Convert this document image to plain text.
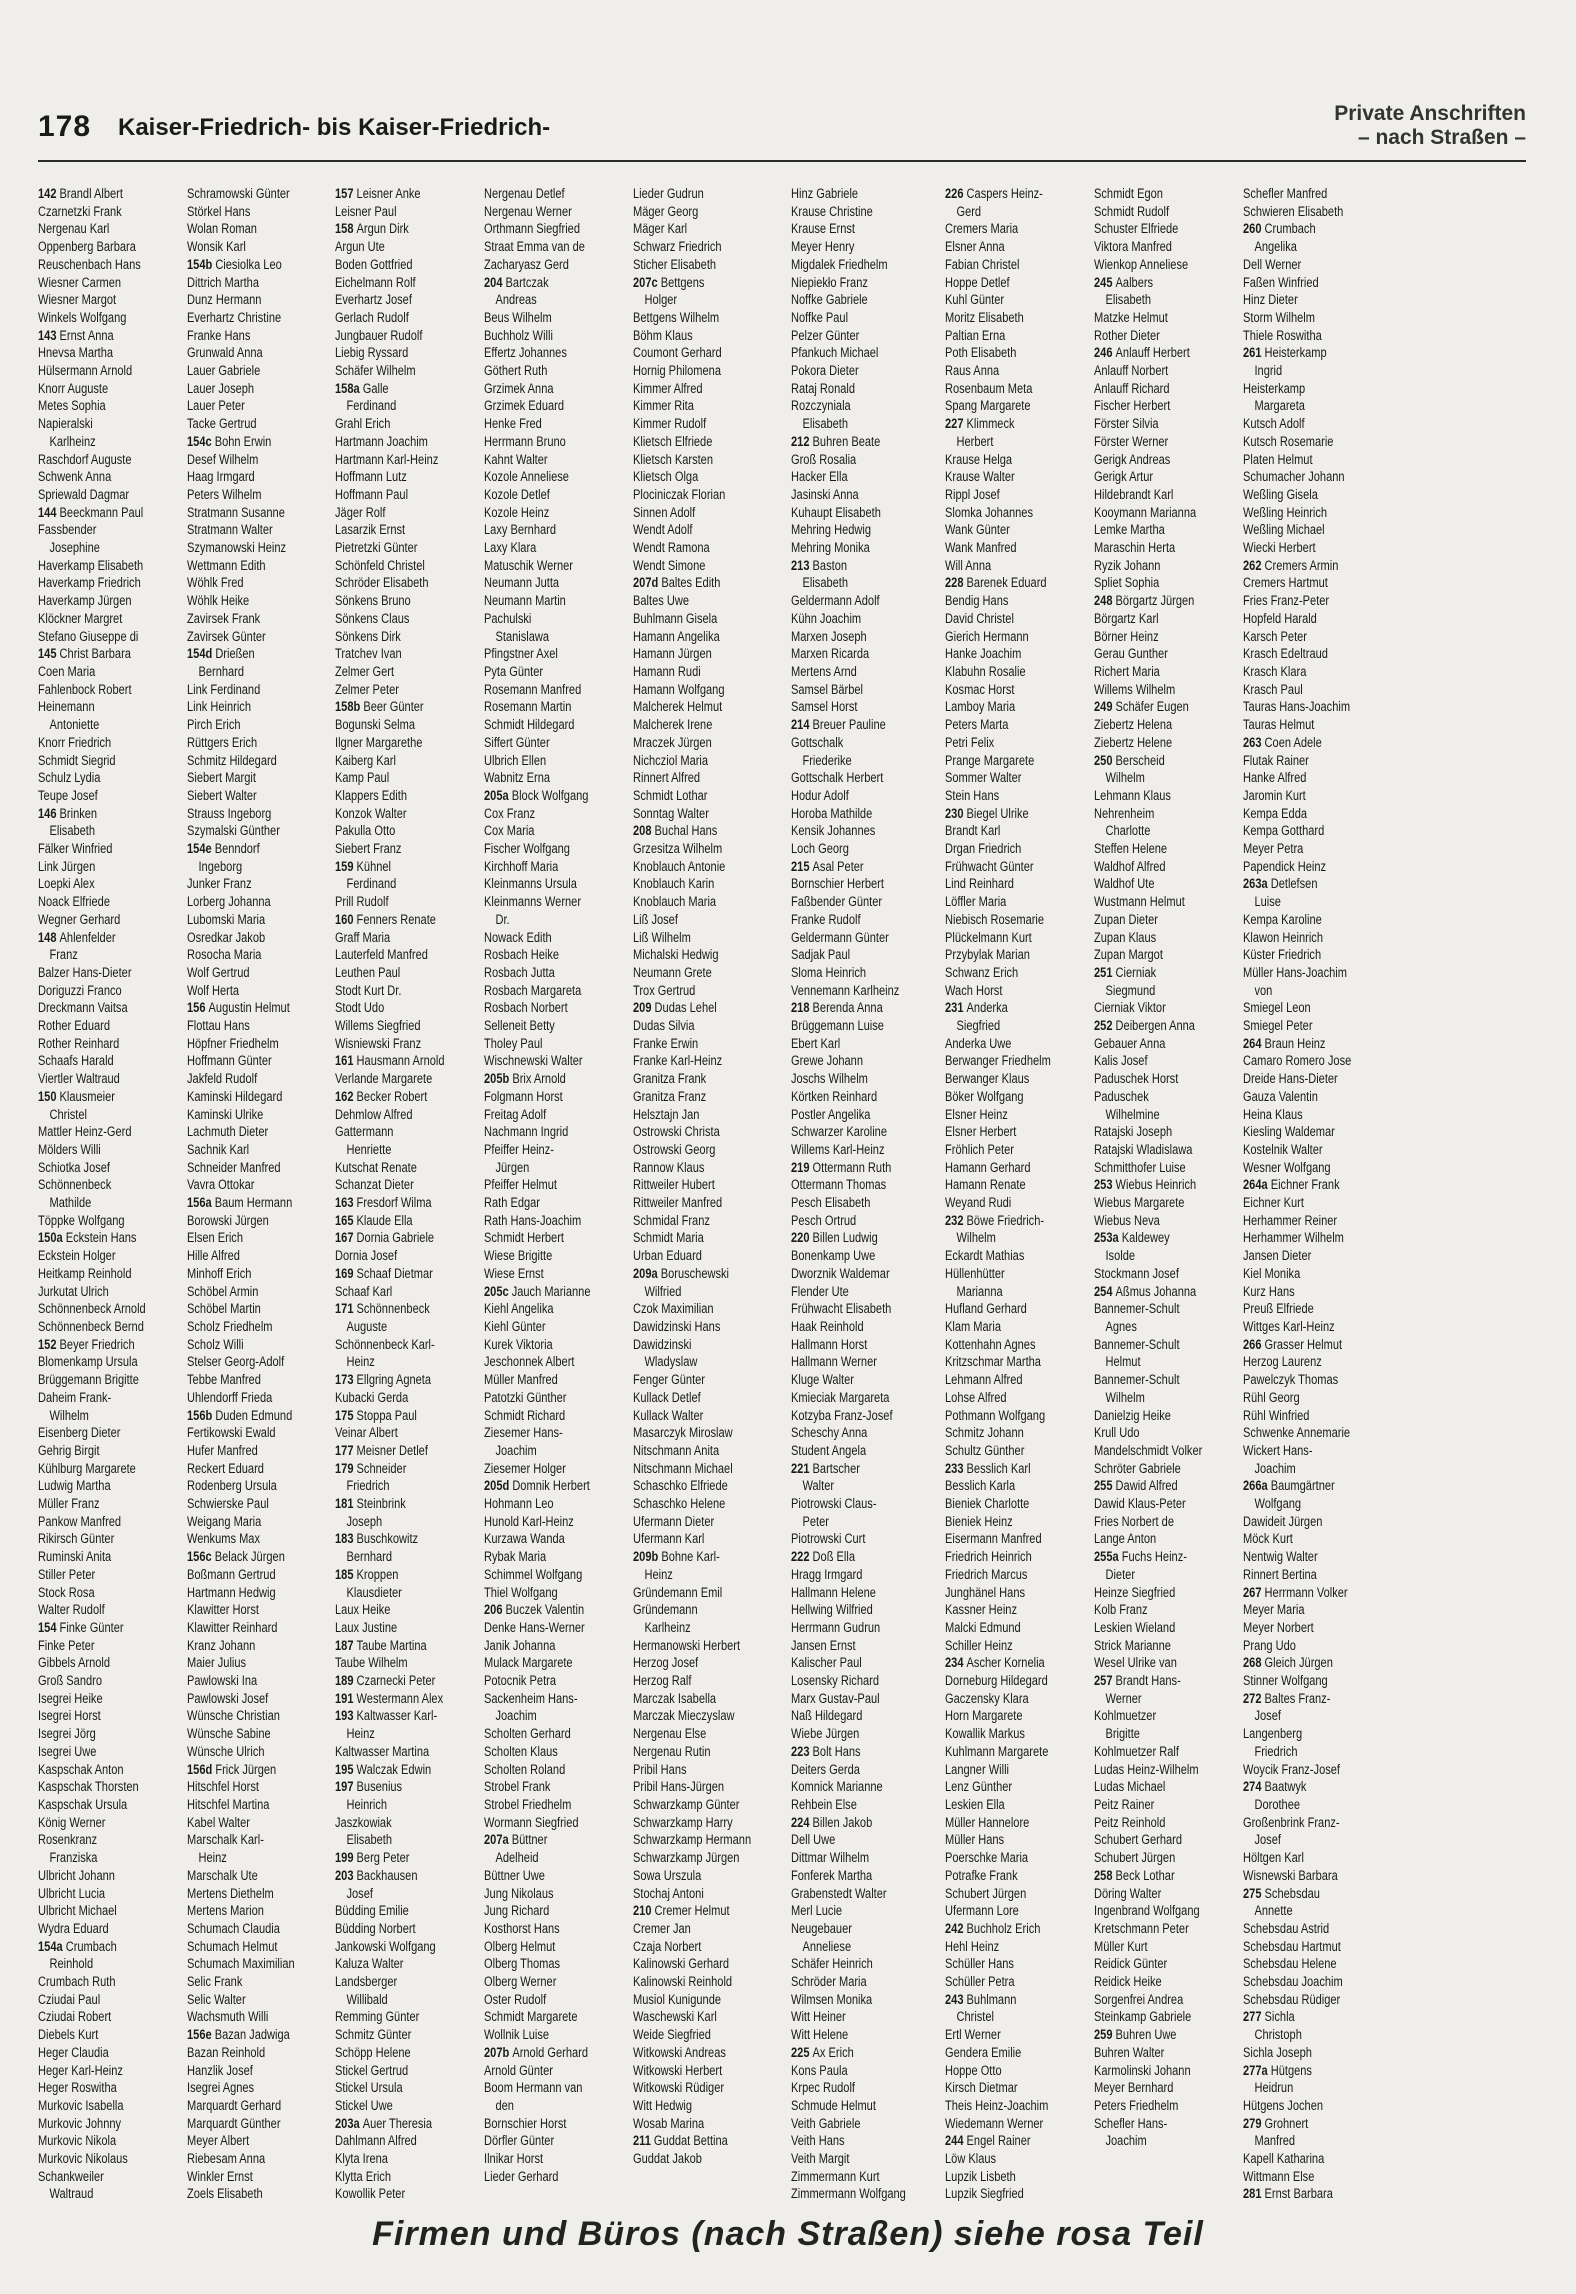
178 Kaiser-Friedrich- bis Kaiser-Friedrich-
Private Anschriften
– nach Straßen –
142 Brandl Albert
Czarnetzki Frank
Nergenau Karl
Oppenberg Barbara
Reuschenbach Hans
Wiesner Carmen
Wiesner Margot
Winkels Wolfgang
143 Ernst Anna
Hnevsa Martha
Hülsermann Arnold
Knorr Auguste
Metes Sophia
Napieralski
Karlheinz
Raschdorf Auguste
Schwenk Anna
Spriewald Dagmar
144 Beeckmann Paul
Fassbender
Josephine
Haverkamp Elisabeth
Haverkamp Friedrich
Haverkamp Jürgen
Klöckner Margret
Stefano Giuseppe di
145 Christ Barbara
Coen Maria
Fahlenbock Robert
Heinemann
Antoniette
Knorr Friedrich
Schmidt Siegrid
Schulz Lydia
Teupe Josef
146 Brinken
Elisabeth
Fälker Winfried
Link Jürgen
Loepki Alex
Noack Elfriede
Wegner Gerhard
148 Ahlenfelder
Franz
Balzer Hans-Dieter
Doriguzzi Franco
Dreckmann Vaitsa
Rother Eduard
Rother Reinhard
Schaafs Harald
Viertler Waltraud
150 Klausmeier
Christel
Mattler Heinz-Gerd
Mölders Willi
Schiotka Josef
Schönnenbeck
Mathilde
Töppke Wolfgang
150a Eckstein Hans
Eckstein Holger
Heitkamp Reinhold
Jurkutat Ulrich
Schönnenbeck Arnold
Schönnenbeck Bernd
152 Beyer Friedrich
Blomenkamp Ursula
Brüggemann Brigitte
Daheim Frank-
Wilhelm
Eisenberg Dieter
Gehrig Birgit
Kühlburg Margarete
Ludwig Martha
Müller Franz
Pankow Manfred
Rikirsch Günter
Ruminski Anita
Stiller Peter
Stock Rosa
Walter Rudolf
154 Finke Günter
Finke Peter
Gibbels Arnold
Groß Sandro
Isegrei Heike
Isegrei Horst
Isegrei Jörg
Isegrei Uwe
Kaspschak Anton
Kaspschak Thorsten
Kaspschak Ursula
König Werner
Rosenkranz
Franziska
Ulbricht Johann
Ulbricht Lucia
Ulbricht Michael
Wydra Eduard
154a Crumbach
Reinhold
Crumbach Ruth
Cziudai Paul
Cziudai Robert
Diebels Kurt
Heger Claudia
Heger Karl-Heinz
Heger Roswitha
Murkovic Isabella
Murkovic Johnny
Murkovic Nikola
Murkovic Nikolaus
Schankweiler
Waltraud
Schramowski Günter
Störkel Hans
Wolan Roman
Wonsik Karl
154b Ciesiolka Leo
Dittrich Martha
Dunz Hermann
Everhartz Christine
Franke Hans
Grunwald Anna
Lauer Gabriele
Lauer Joseph
Lauer Peter
Tacke Gertrud
154c Bohn Erwin
Desef Wilhelm
Haag Irmgard
Peters Wilhelm
Stratmann Susanne
Stratmann Walter
Szymanowski Heinz
Wettmann Edith
Wöhlk Fred
Wöhlk Heike
Zavirsek Frank
Zavirsek Günter
154d Drießen
Bernhard
Link Ferdinand
Link Heinrich
Pirch Erich
Rüttgers Erich
Schmitz Hildegard
Siebert Margit
Siebert Walter
Strauss Ingeborg
Szymalski Günther
154e Benndorf
Ingeborg
Junker Franz
Lorberg Johanna
Lubomski Maria
Osredkar Jakob
Rosocha Maria
Wolf Gertrud
Wolf Herta
156 Augustin Helmut
Flottau Hans
Höpfner Friedhelm
Hoffmann Günter
Jakfeld Rudolf
Kaminski Hildegard
Kaminski Ulrike
Lachmuth Dieter
Sachnik Karl
Schneider Manfred
Vavra Ottokar
156a Baum Hermann
Borowski Jürgen
Elsen Erich
Hille Alfred
Minhoff Erich
Schöbel Armin
Schöbel Martin
Scholz Friedhelm
Scholz Willi
Stelser Georg-Adolf
Tebbe Manfred
Uhlendorff Frieda
156b Duden Edmund
Fertikowski Ewald
Hufer Manfred
Reckert Eduard
Rodenberg Ursula
Schwierske Paul
Weigang Maria
Wenkums Max
156c Belack Jürgen
Boßmann Gertrud
Hartmann Hedwig
Klawitter Horst
Klawitter Reinhard
Kranz Johann
Maier Julius
Pawlowski Ina
Pawlowski Josef
Wünsche Christian
Wünsche Sabine
Wünsche Ulrich
156d Frick Jürgen
Hitschfel Horst
Hitschfel Martina
Kabel Walter
Marschalk Karl-
Heinz
Marschalk Ute
Mertens Diethelm
Mertens Marion
Schumach Claudia
Schumach Helmut
Schumach Maximilian
Selic Frank
Selic Walter
Wachsmuth Willi
156e Bazan Jadwiga
Bazan Reinhold
Hanzlik Josef
Isegrei Agnes
Marquardt Gerhard
Marquardt Günther
Meyer Albert
Riebesam Anna
Winkler Ernst
Zoels Elisabeth
157 Leisner Anke
Leisner Paul
158 Argun Dirk
Argun Ute
Boden Gottfried
Eichelmann Rolf
Everhartz Josef
Gerlach Rudolf
Jungbauer Rudolf
Liebig Ryssard
Schäfer Wilhelm
158a Galle
Ferdinand
Grahl Erich
Hartmann Joachim
Hartmann Karl-Heinz
Hoffmann Lutz
Hoffmann Paul
Jäger Rolf
Lasarzik Ernst
Pietretzki Günter
Schönfeld Christel
Schröder Elisabeth
Sönkens Bruno
Sönkens Claus
Sönkens Dirk
Tratchev Ivan
Zelmer Gert
Zelmer Peter
158b Beer Günter
Bogunski Selma
Ilgner Margarethe
Kaiberg Karl
Kamp Paul
Klappers Edith
Konzok Walter
Pakulla Otto
Siebert Franz
159 Kühnel
Ferdinand
Prill Rudolf
160 Fenners Renate
Graff Maria
Lauterfeld Manfred
Leuthen Paul
Stodt Kurt Dr.
Stodt Udo
Willems Siegfried
Wisniewski Franz
161 Hausmann Arnold
Verlande Margarete
162 Becker Robert
Dehmlow Alfred
Gattermann
Henriette
Kutschat Renate
Schanzat Dieter
163 Fresdorf Wilma
165 Klaude Ella
167 Dornia Gabriele
Dornia Josef
169 Schaaf Dietmar
Schaaf Karl
171 Schönnenbeck
Auguste
Schönnenbeck Karl-
Heinz
173 Ellgring Agneta
Kubacki Gerda
175 Stoppa Paul
Veinar Albert
177 Meisner Detlef
179 Schneider
Friedrich
181 Steinbrink
Joseph
183 Buschkowitz
Bernhard
185 Kroppen
Klausdieter
Laux Heike
Laux Justine
187 Taube Martina
Taube Wilhelm
189 Czarnecki Peter
191 Westermann Alex
193 Kaltwasser Karl-
Heinz
Kaltwasser Martina
195 Walczak Edwin
197 Busenius
Heinrich
Jaszkowiak
Elisabeth
199 Berg Peter
203 Backhausen
Josef
Büdding Emilie
Büdding Norbert
Jankowski Wolfgang
Kaluza Walter
Landsberger
Willibald
Remming Günter
Schmitz Günter
Schöpp Helene
Stickel Gertrud
Stickel Ursula
Stickel Uwe
203a Auer Theresia
Dahlmann Alfred
Klyta Irena
Klytta Erich
Kowollik Peter
Nergenau Detlef
Nergenau Werner
Orthmann Siegfried
Straat Emma van de
Zacharyasz Gerd
204 Bartczak
Andreas
Beus Wilhelm
Buchholz Willi
Effertz Johannes
Göthert Ruth
Grzimek Anna
Grzimek Eduard
Henke Fred
Herrmann Bruno
Kahnt Walter
Kozole Anneliese
Kozole Detlef
Kozole Heinz
Laxy Bernhard
Laxy Klara
Matuschik Werner
Neumann Jutta
Neumann Martin
Pachulski
Stanislawa
Pfingstner Axel
Pyta Günter
Rosemann Manfred
Rosemann Martin
Schmidt Hildegard
Siffert Günter
Ulbrich Ellen
Wabnitz Erna
205a Block Wolfgang
Cox Franz
Cox Maria
Fischer Wolfgang
Kirchhoff Maria
Kleinmanns Ursula
Kleinmanns Werner
Dr.
Nowack Edith
Rosbach Heike
Rosbach Jutta
Rosbach Margareta
Rosbach Norbert
Selleneit Betty
Tholey Paul
Wischnewski Walter
205b Brix Arnold
Folgmann Horst
Freitag Adolf
Nachmann Ingrid
Pfeiffer Heinz-
Jürgen
Pfeiffer Helmut
Rath Edgar
Rath Hans-Joachim
Schmidt Herbert
Wiese Brigitte
Wiese Ernst
205c Jauch Marianne
Kiehl Angelika
Kiehl Günter
Kurek Viktoria
Jeschonnek Albert
Müller Manfred
Patotzki Günther
Schmidt Richard
Ziesemer Hans-
Joachim
Ziesemer Holger
205d Domnik Herbert
Hohmann Leo
Hunold Karl-Heinz
Kurzawa Wanda
Rybak Maria
Schimmel Wolfgang
Thiel Wolfgang
206 Buczek Valentin
Denke Hans-Werner
Janik Johanna
Mulack Margarete
Potocnik Petra
Sackenheim Hans-
Joachim
Scholten Gerhard
Scholten Klaus
Scholten Roland
Strobel Frank
Strobel Friedhelm
Wormann Siegfried
207a Büttner
Adelheid
Büttner Uwe
Jung Nikolaus
Jung Richard
Kosthorst Hans
Olberg Helmut
Olberg Thomas
Olberg Werner
Oster Rudolf
Schmidt Margarete
Wollnik Luise
207b Arnold Gerhard
Arnold Günter
Boom Hermann van
den
Bornschier Horst
Dörfler Günter
Ilnikar Horst
Lieder Gerhard
Lieder Gudrun
Mäger Georg
Mäger Karl
Schwarz Friedrich
Sticher Elisabeth
207c Bettgens
Holger
Bettgens Wilhelm
Böhm Klaus
Coumont Gerhard
Hornig Philomena
Kimmer Alfred
Kimmer Rita
Kimmer Rudolf
Klietsch Elfriede
Klietsch Karsten
Klietsch Olga
Plociniczak Florian
Sinnen Adolf
Wendt Adolf
Wendt Ramona
Wendt Simone
207d Baltes Edith
Baltes Uwe
Buhlmann Gisela
Hamann Angelika
Hamann Jürgen
Hamann Rudi
Hamann Wolfgang
Malcherek Helmut
Malcherek Irene
Mraczek Jürgen
Nichcziol Maria
Rinnert Alfred
Schmidt Lothar
Sonntag Walter
208 Buchal Hans
Grzesitza Wilhelm
Knoblauch Antonie
Knoblauch Karin
Knoblauch Maria
Liß Josef
Liß Wilhelm
Michalski Hedwig
Neumann Grete
Trox Gertrud
209 Dudas Lehel
Dudas Silvia
Franke Erwin
Franke Karl-Heinz
Granitza Frank
Granitza Franz
Helsztajn Jan
Ostrowski Christa
Ostrowski Georg
Rannow Klaus
Rittweiler Hubert
Rittweiler Manfred
Schmidal Franz
Schmidt Maria
Urban Eduard
209a Boruschewski
Wilfried
Czok Maximilian
Dawidzinski Hans
Dawidzinski
Wladyslaw
Fenger Günter
Kullack Detlef
Kullack Walter
Masarczyk Miroslaw
Nitschmann Anita
Nitschmann Michael
Schaschko Elfriede
Schaschko Helene
Ufermann Dieter
Ufermann Karl
209b Bohne Karl-
Heinz
Gründemann Emil
Gründemann
Karlheinz
Hermanowski Herbert
Herzog Josef
Herzog Ralf
Marczak Isabella
Marczak Mieczyslaw
Nergenau Else
Nergenau Rutin
Pribil Hans
Pribil Hans-Jürgen
Schwarzkamp Günter
Schwarzkamp Harry
Schwarzkamp Hermann
Schwarzkamp Jürgen
Sowa Urszula
Stochaj Antoni
210 Cremer Helmut
Cremer Jan
Czaja Norbert
Kalinowski Gerhard
Kalinowski Reinhold
Musiol Kunigunde
Waschewski Karl
Weide Siegfried
Witkowski Andreas
Witkowski Herbert
Witkowski Rüdiger
Witt Hedwig
Wosab Marina
211 Guddat Bettina
Guddat Jakob
Hinz Gabriele
Krause Christine
Krause Ernst
Meyer Henry
Migdalek Friedhelm
Niepiekło Franz
Noffke Gabriele
Noffke Paul
Pelzer Günter
Pfankuch Michael
Pokora Dieter
Rataj Ronald
Rozczyniala
Elisabeth
212 Buhren Beate
Groß Rosalia
Hacker Ella
Jasinski Anna
Kuhaupt Elisabeth
Mehring Hedwig
Mehring Monika
213 Baston
Elisabeth
Geldermann Adolf
Kühn Joachim
Marxen Joseph
Marxen Ricarda
Mertens Arnd
Samsel Bärbel
Samsel Horst
214 Breuer Pauline
Gottschalk
Friederike
Gottschalk Herbert
Hodur Adolf
Horoba Mathilde
Kensik Johannes
Loch Georg
215 Asal Peter
Bornschier Herbert
Faßbender Günter
Franke Rudolf
Geldermann Günter
Sadjak Paul
Sloma Heinrich
Vennemann Karlheinz
218 Berenda Anna
Brüggemann Luise
Ebert Karl
Grewe Johann
Joschs Wilhelm
Körtken Reinhard
Postler Angelika
Schwarzer Karoline
Willems Karl-Heinz
219 Ottermann Ruth
Ottermann Thomas
Pesch Elisabeth
Pesch Ortrud
220 Billen Ludwig
Bonenkamp Uwe
Dworznik Waldemar
Flender Ute
Frühwacht Elisabeth
Haak Reinhold
Hallmann Horst
Hallmann Werner
Kluge Walter
Kmieciak Margareta
Kotzyba Franz-Josef
Scheschy Anna
Student Angela
221 Bartscher
Walter
Piotrowski Claus-
Peter
Piotrowski Curt
222 Doß Ella
Hragg Irmgard
Hallmann Helene
Hellwing Wilfried
Herrmann Gudrun
Jansen Ernst
Kalischer Paul
Losensky Richard
Marx Gustav-Paul
Naß Hildegard
Wiebe Jürgen
223 Bolt Hans
Deiters Gerda
Komnick Marianne
Rehbein Else
224 Billen Jakob
Dell Uwe
Dittmar Wilhelm
Fonferek Martha
Grabenstedt Walter
Merl Lucie
Neugebauer
Anneliese
Schäfer Heinrich
Schröder Maria
Wilmsen Monika
Witt Heiner
Witt Helene
225 Ax Erich
Kons Paula
Krpec Rudolf
Schmude Helmut
Veith Gabriele
Veith Hans
Veith Margit
Zimmermann Kurt
Zimmermann Wolfgang
226 Caspers Heinz-
Gerd
Cremers Maria
Elsner Anna
Fabian Christel
Hoppe Detlef
Kuhl Günter
Moritz Elisabeth
Paltian Erna
Poth Elisabeth
Raus Anna
Rosenbaum Meta
Spang Margarete
227 Klimmeck
Herbert
Krause Helga
Krause Walter
Rippl Josef
Slomka Johannes
Wank Günter
Wank Manfred
Will Anna
228 Barenek Eduard
Bendig Hans
David Christel
Gierich Hermann
Hanke Joachim
Klabuhn Rosalie
Kosmac Horst
Lamboy Maria
Peters Marta
Petri Felix
Prange Margarete
Sommer Walter
Stein Hans
230 Biegel Ulrike
Brandt Karl
Drgan Friedrich
Frühwacht Günter
Lind Reinhard
Löffler Maria
Niebisch Rosemarie
Plückelmann Kurt
Przybylak Marian
Schwanz Erich
Wach Horst
231 Anderka
Siegfried
Anderka Uwe
Berwanger Friedhelm
Berwanger Klaus
Böker Wolfgang
Elsner Heinz
Elsner Herbert
Fröhlich Peter
Hamann Gerhard
Hamann Renate
Weyand Rudi
232 Böwe Friedrich-
Wilhelm
Eckardt Mathias
Hüllenhütter
Marianna
Hufland Gerhard
Klam Maria
Kottenhahn Agnes
Kritzschmar Martha
Lehmann Alfred
Lohse Alfred
Pothmann Wolfgang
Schmitz Johann
Schultz Günther
233 Besslich Karl
Besslich Karla
Bieniek Charlotte
Bieniek Heinz
Eisermann Manfred
Friedrich Heinrich
Friedrich Marcus
Junghänel Hans
Kassner Heinz
Malcki Edmund
Schiller Heinz
234 Ascher Kornelia
Dorneburg Hildegard
Gaczensky Klara
Horn Margarete
Kowallik Markus
Kuhlmann Margarete
Langner Willi
Lenz Günther
Leskien Ella
Müller Hannelore
Müller Hans
Poerschke Maria
Potrafke Frank
Schubert Jürgen
Ufermann Lore
242 Buchholz Erich
Hehl Heinz
Schüller Hans
Schüller Petra
243 Buhlmann
Christel
Ertl Werner
Gendera Emilie
Hoppe Otto
Kirsch Dietmar
Theis Heinz-Joachim
Wiedemann Werner
244 Engel Rainer
Löw Klaus
Lupzik Lisbeth
Lupzik Siegfried
Schmidt Egon
Schmidt Rudolf
Schuster Elfriede
Viktora Manfred
Wienkop Anneliese
245 Aalbers
Elisabeth
Matzke Helmut
Rother Dieter
246 Anlauff Herbert
Anlauff Norbert
Anlauff Richard
Fischer Herbert
Förster Silvia
Förster Werner
Gerigk Andreas
Gerigk Artur
Hildebrandt Karl
Kooymann Marianna
Lemke Martha
Maraschin Herta
Ryzik Johann
Spliet Sophia
248 Börgartz Jürgen
Börgartz Karl
Börner Heinz
Gerau Gunther
Richert Maria
Willems Wilhelm
249 Schäfer Eugen
Ziebertz Helena
Ziebertz Helene
250 Berscheid
Wilhelm
Lehmann Klaus
Nehrenheim
Charlotte
Steffen Helene
Waldhof Alfred
Waldhof Ute
Wustmann Helmut
Zupan Dieter
Zupan Klaus
Zupan Margot
251 Cierniak
Siegmund
Cierniak Viktor
252 Deibergen Anna
Gebauer Anna
Kalis Josef
Paduschek Horst
Paduschek
Wilhelmine
Ratajski Joseph
Ratajski Wladislawa
Schmitthofer Luise
253 Wiebus Heinrich
Wiebus Margarete
Wiebus Neva
253a Kaldewey
Isolde
Stockmann Josef
254 Aßmus Johanna
Bannemer-Schult
Agnes
Bannemer-Schult
Helmut
Bannemer-Schult
Wilhelm
Danielzig Heike
Krull Udo
Mandelschmidt Volker
Schröter Gabriele
255 Dawid Alfred
Dawid Klaus-Peter
Fries Norbert de
Lange Anton
255a Fuchs Heinz-
Dieter
Heinze Siegfried
Kolb Franz
Leskien Wieland
Strick Marianne
Wesel Ulrike van
257 Brandt Hans-
Werner
Kohlmuetzer
Brigitte
Kohlmuetzer Ralf
Ludas Heinz-Wilhelm
Ludas Michael
Peitz Rainer
Peitz Reinhold
Schubert Gerhard
Schubert Jürgen
258 Beck Lothar
Döring Walter
Ingenbrand Wolfgang
Kretschmann Peter
Müller Kurt
Reidick Günter
Reidick Heike
Sorgenfrei Andrea
Steinkamp Gabriele
259 Buhren Uwe
Buhren Walter
Karmolinski Johann
Meyer Bernhard
Peters Friedhelm
Schefler Hans-
Joachim
Schefler Manfred
Schwieren Elisabeth
260 Crumbach
Angelika
Dell Werner
Faßen Winfried
Hinz Dieter
Storm Wilhelm
Thiele Roswitha
261 Heisterkamp
Ingrid
Heisterkamp
Margareta
Kutsch Adolf
Kutsch Rosemarie
Platen Helmut
Schumacher Johann
Weßling Gisela
Weßling Heinrich
Weßling Michael
Wiecki Herbert
262 Cremers Armin
Cremers Hartmut
Fries Franz-Peter
Hopfeld Harald
Karsch Peter
Krasch Edeltraud
Krasch Klara
Krasch Paul
Tauras Hans-Joachim
Tauras Helmut
263 Coen Adele
Flutak Rainer
Hanke Alfred
Jaromin Kurt
Kempa Edda
Kempa Gotthard
Meyer Petra
Papendick Heinz
263a Detlefsen
Luise
Kempa Karoline
Klawon Heinrich
Küster Friedrich
Müller Hans-Joachim
von
Smiegel Leon
Smiegel Peter
264 Braun Heinz
Camaro Romero Jose
Dreide Hans-Dieter
Gauza Valentin
Heina Klaus
Kiesling Waldemar
Kostelnik Walter
Wesner Wolfgang
264a Eichner Frank
Eichner Kurt
Herhammer Reiner
Herhammer Wilhelm
Jansen Dieter
Kiel Monika
Kurz Hans
Preuß Elfriede
Wittges Karl-Heinz
266 Grasser Helmut
Herzog Laurenz
Pawelczyk Thomas
Rühl Georg
Rühl Winfried
Schwenke Annemarie
Wickert Hans-
Joachim
266a Baumgärtner
Wolfgang
Dawideit Jürgen
Möck Kurt
Nentwig Walter
Rinnert Bertina
267 Herrmann Volker
Meyer Maria
Meyer Norbert
Prang Udo
268 Gleich Jürgen
Stinner Wolfgang
272 Baltes Franz-
Josef
Langenberg
Friedrich
Woycik Franz-Josef
274 Baatwyk
Dorothee
Großenbrink Franz-
Josef
Höltgen Karl
Wisnewski Barbara
275 Schebsdau
Annette
Schebsdau Astrid
Schebsdau Hartmut
Schebsdau Helene
Schebsdau Joachim
Schebsdau Rüdiger
277 Sichla
Christoph
Sichla Joseph
277a Hütgens
Heidrun
Hütgens Jochen
279 Grohnert
Manfred
Kapell Katharina
Wittmann Else
281 Ernst Barbara
Firmen und Büros (nach Straßen) siehe rosa Teil
